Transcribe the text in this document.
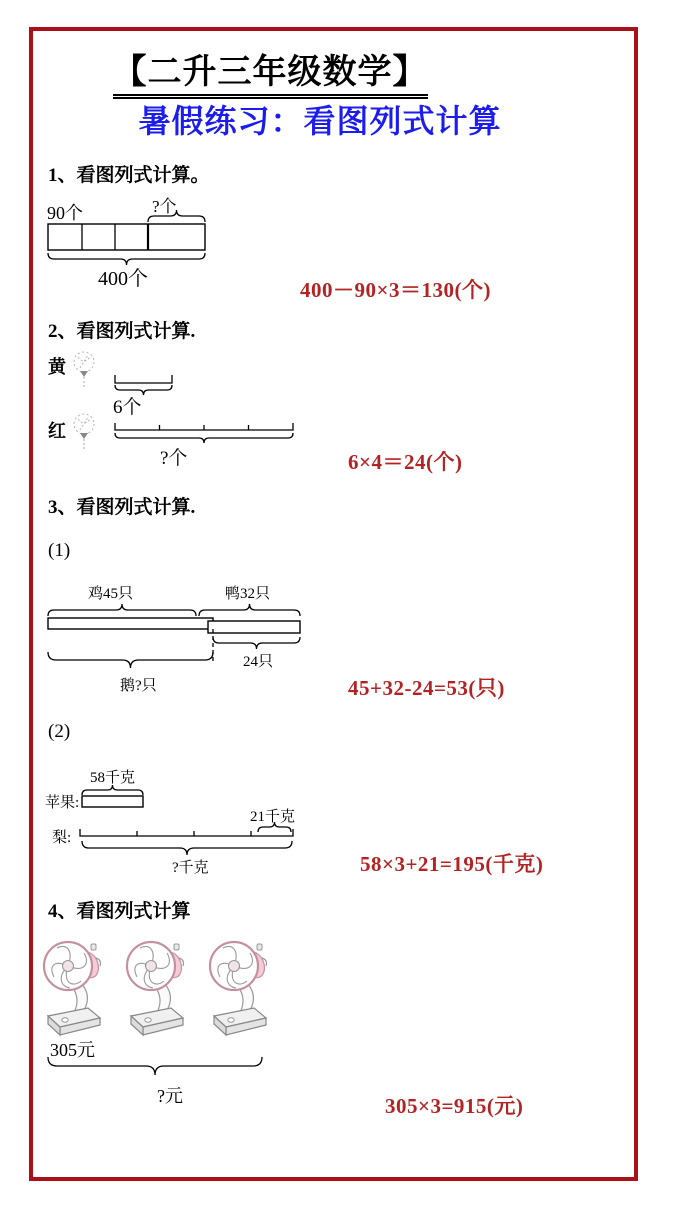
【二升三年级数学】
暑假练习：看图列式计算
1、看图列式计算。
90个	?个
400个	400－90×3＝130(个)
2、看图列式计算.
黄
红
6个
?个	6×4＝24(个)
3、看图列式计算.
(1)
鸡45只	鸭32只
24只
鹅?只	45+32-24=53(只)
(2)
58千克
苹果:
21千克
梨:
?千克	58×3+21=195(千克)
4、看图列式计算
305元
?元	305×3=915(元)
